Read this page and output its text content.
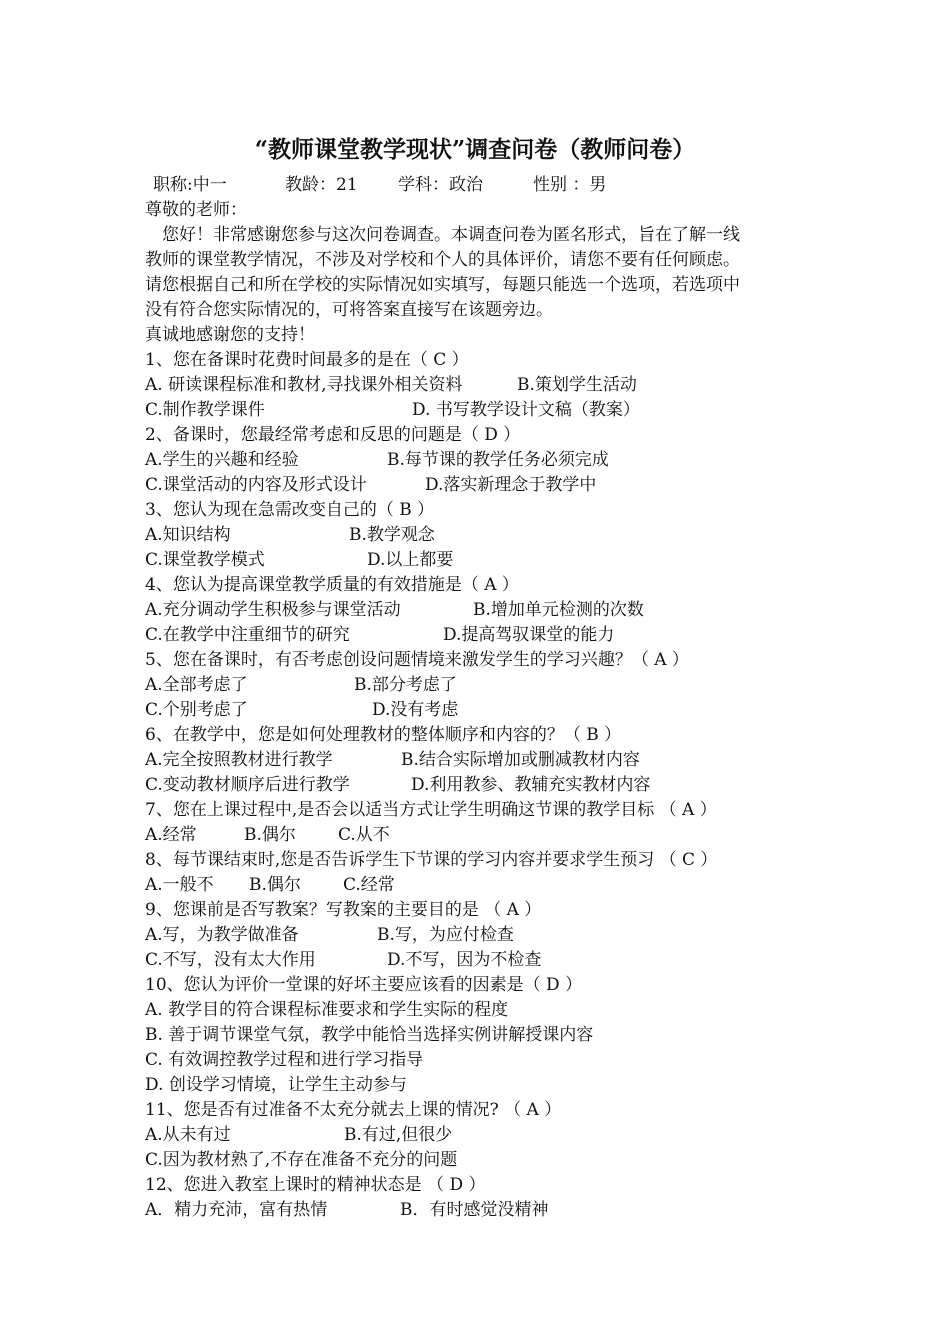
“教师课堂教学现状”调查问卷（教师问卷）
职称:中一	教龄：21 学科：政治	性别 ：男
尊敬的老师：
您好！非常感谢您参与这次问卷调查。本调查问卷为匿名形式，旨在了解一线
教师的课堂教学情况，不涉及对学校和个人的具体评价，请您不要有任何顾虑。
请您根据自己和所在学校的实际情况如实填写，每题只能选一个选项，若选项中
没有符合您实际情况的，可将答案直接写在该题旁边。
真诚地感谢您的支持！
1、您在备课时花费时间最多的是在（ C ）
A. 研读课程标准和教材,寻找课外相关资料	B.策划学生活动
C.制作教学课件	D. 书写教学设计文稿（教案）
2、备课时，您最经常考虑和反思的问题是（ D ）
A.学生的兴趣和经验	B.每节课的教学任务必须完成
C.课堂活动的内容及形式设计	D.落实新理念于教学中
3、您认为现在急需改变自己的（ B ）
A.知识结构	B.教学观念
C.课堂教学模式	D.以上都要
4、您认为提高课堂教学质量的有效措施是（ A ）
A.充分调动学生积极参与课堂活动	B.增加单元检测的次数
C.在教学中注重细节的研究	D.提高驾驭课堂的能力
5、您在备课时，有否考虑创设问题情境来激发学生的学习兴趣？（ A ）
A.全部考虑了	B.部分考虑了
C.个别考虑了	D.没有考虑
6、在教学中，您是如何处理教材的整体顺序和内容的？（ B ）
A.完全按照教材进行教学	B.结合实际增加或删减教材内容
C.变动教材顺序后进行教学	D.利用教参、教辅充实教材内容
7、您在上课过程中,是否会以适当方式让学生明确这节课的教学目标 （ A ）
A.经常	B.偶尔 C.从不
8、每节课结束时,您是否告诉学生下节课的学习内容并要求学生预习 （ C ）
A.一般不 B.偶尔 C.经常
9、您课前是否写教案？写教案的主要目的是 （ A ）
A.写，为教学做准备	B.写，为应付检查
C.不写，没有太大作用	D.不写，因为不检查
10、您认为评价一堂课的好坏主要应该看的因素是（ D ）
A. 教学目的符合课程标准要求和学生实际的程度
B. 善于调节课堂气氛，教学中能恰当选择实例讲解授课内容
C. 有效调控教学过程和进行学习指导
D. 创设学习情境，让学生主动参与
11、您是否有过准备不太充分就去上课的情况? （ A ）
A.从未有过	B.有过,但很少
C.因为教材熟了,不存在准备不充分的问题
12、您进入教室上课时的精神状态是 （ D ）
A．精力充沛，富有热情	B．有时感觉没精神
